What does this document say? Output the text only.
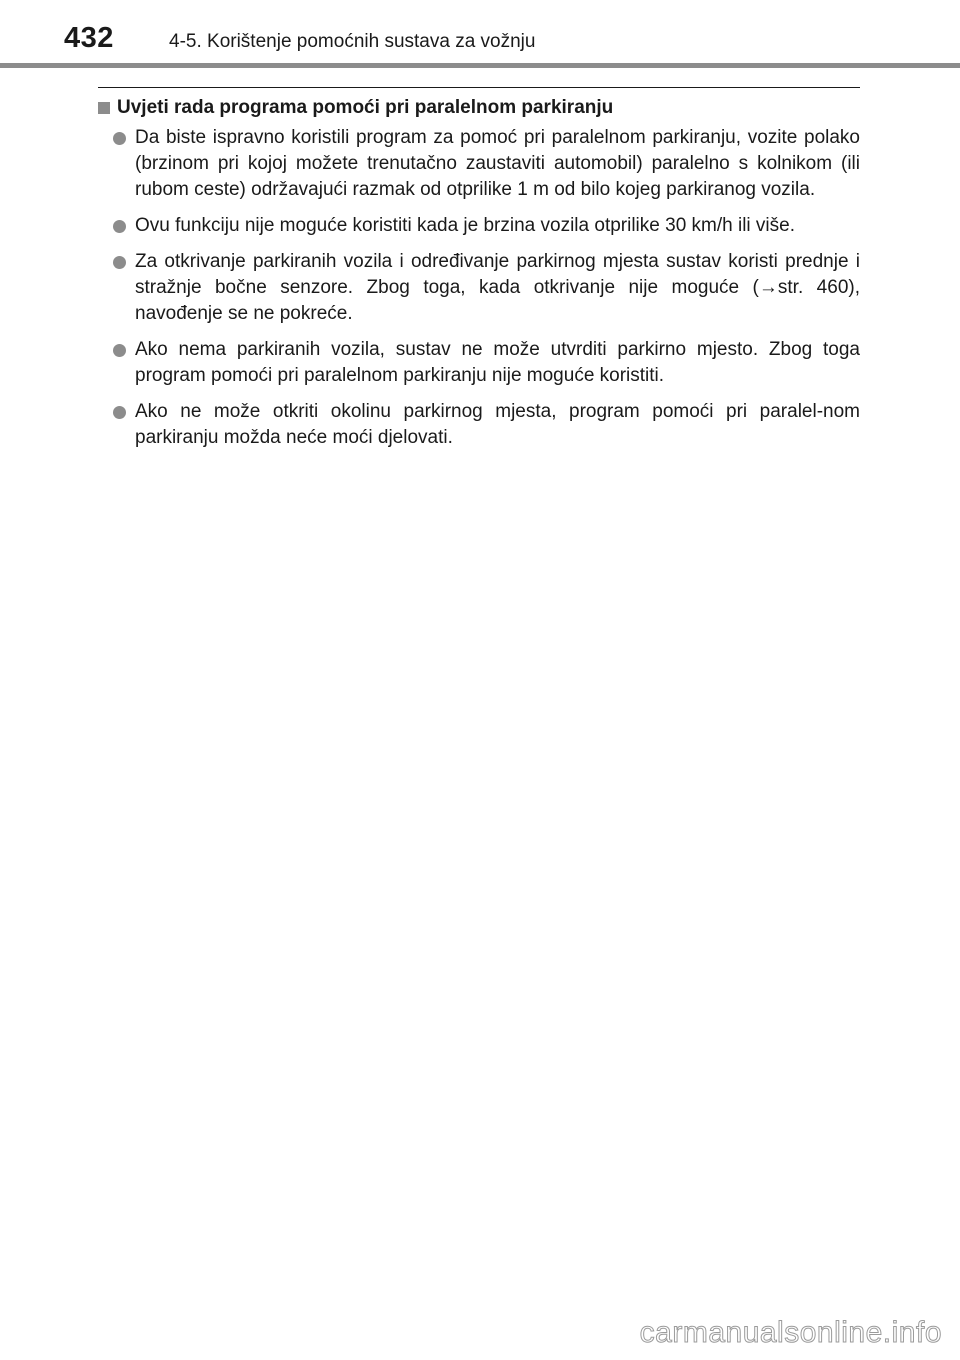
432	4-5. Korištenje pomoćnih sustava za vožnju
Uvjeti rada programa pomoći pri paralelnom parkiranju
Da biste ispravno koristili program za pomoć pri paralelnom parkiranju, vozite polako (brzinom pri kojoj možete trenutačno zaustaviti automobil) paralelno s kolnikom (ili rubom ceste) održavajući razmak od otprilike 1 m od bilo kojeg parkiranog vozila.
Ovu funkciju nije moguće koristiti kada je brzina vozila otprilike 30 km/h ili više.
Za otkrivanje parkiranih vozila i određivanje parkirnog mjesta sustav koristi prednje i stražnje bočne senzore. Zbog toga, kada otkrivanje nije moguće (→str. 460), navođenje se ne pokreće.
Ako nema parkiranih vozila, sustav ne može utvrditi parkirno mjesto. Zbog toga program pomoći pri paralelnom parkiranju nije moguće koristiti.
Ako ne može otkriti okolinu parkirnog mjesta, program pomoći pri paralel-nom parkiranju možda neće moći djelovati.
carmanualsonline.info
